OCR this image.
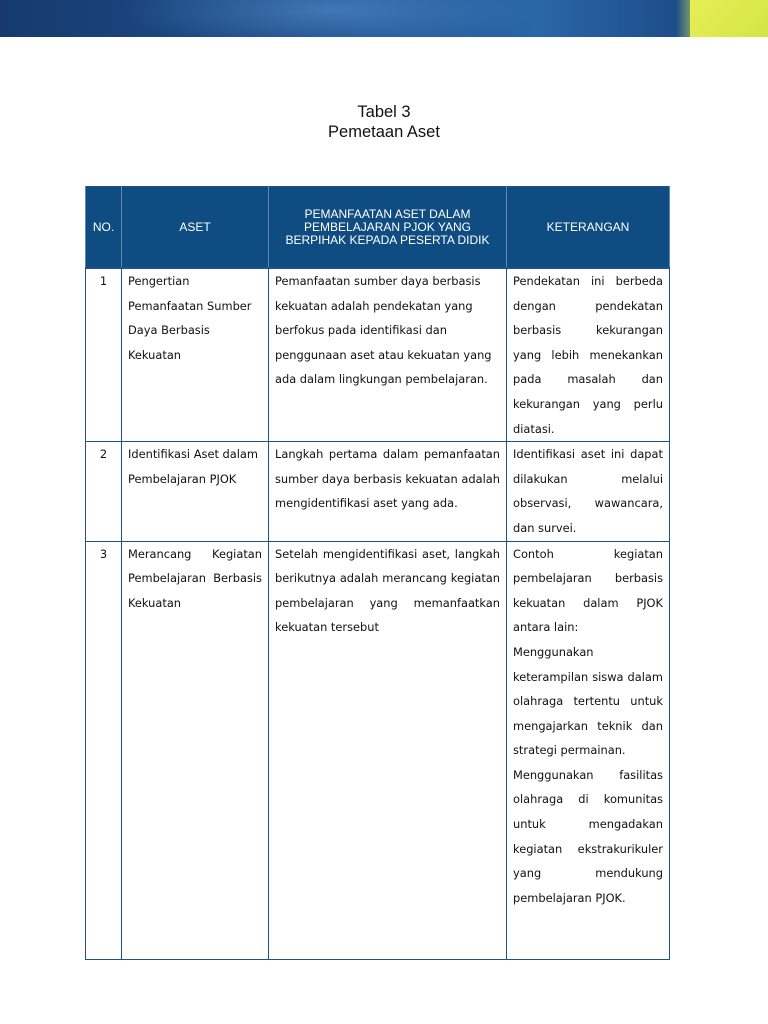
Tabel 3
Pemetaan Aset
NO.	ASET	PEMANFAATAN ASET DALAM PEMBELAJARAN PJOK YANG BERPIHAK KEPADA PESERTA DIDIK	KETERANGAN
1	Pengertian Pemanfaatan Sumber Daya Berbasis Kekuatan	Pemanfaatan sumber daya berbasis kekuatan adalah pendekatan yang berfokus pada identifikasi dan penggunaan aset atau kekuatan yang ada dalam lingkungan pembelajaran.	Pendekatan ini berbeda dengan pendekatan berbasis kekurangan yang lebih menekankan pada masalah dan kekurangan yang perlu diatasi.
2	Identifikasi Aset dalam Pembelajaran PJOK	Langkah pertama dalam pemanfaatan sumber daya berbasis kekuatan adalah mengidentifikasi aset yang ada.	Identifikasi aset ini dapat dilakukan melalui observasi, wawancara, dan survei.
3	Merancang Kegiatan Pembelajaran Berbasis Kekuatan	Setelah mengidentifikasi aset, langkah berikutnya adalah merancang kegiatan pembelajaran yang memanfaatkan kekuatan tersebut	Contoh kegiatan pembelajaran berbasis kekuatan dalam PJOK antara lain:
Menggunakan keterampilan siswa dalam olahraga tertentu untuk mengajarkan teknik dan strategi permainan.
Menggunakan fasilitas olahraga di komunitas untuk mengadakan kegiatan ekstrakurikuler yang mendukung pembelajaran PJOK.
